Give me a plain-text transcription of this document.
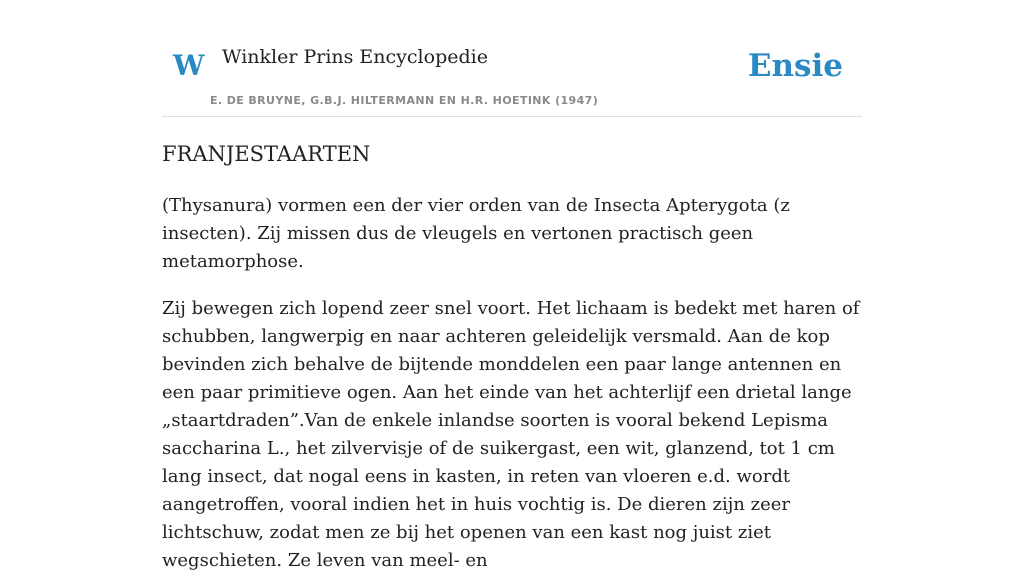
W Winkler Prins Encyclopedie
E. DE BRUYNE, G.B.J. HILTERMANN EN H.R. HOETINK (1947)
Ensie
FRANJESTAARTEN

(Thysanura) vormen een der vier orden van de Insecta Apterygota (z insecten). Zij missen dus de vleugels en vertonen practisch geen metamorphose.

Zij bewegen zich lopend zeer snel voort. Het lichaam is bedekt met haren of schubben, langwerpig en naar achteren geleidelijk versmald. Aan de kop bevinden zich behalve de bijtende monddelen een paar lange antennen en een paar primitieve ogen. Aan het einde van het achterlijf een drietal lange „staartdraden”.Van de enkele inlandse soorten is vooral bekend Lepisma saccharina L., het zilvervisje of de suikergast, een wit, glanzend, tot 1 cm lang insect, dat nogal eens in kasten, in reten van vloeren e.d. wordt aangetroffen, vooral indien het in huis vochtig is. De dieren zijn zeer lichtschuw, zodat men ze bij het openen van een kast nog juist ziet wegschieten. Ze leven van meel- en
